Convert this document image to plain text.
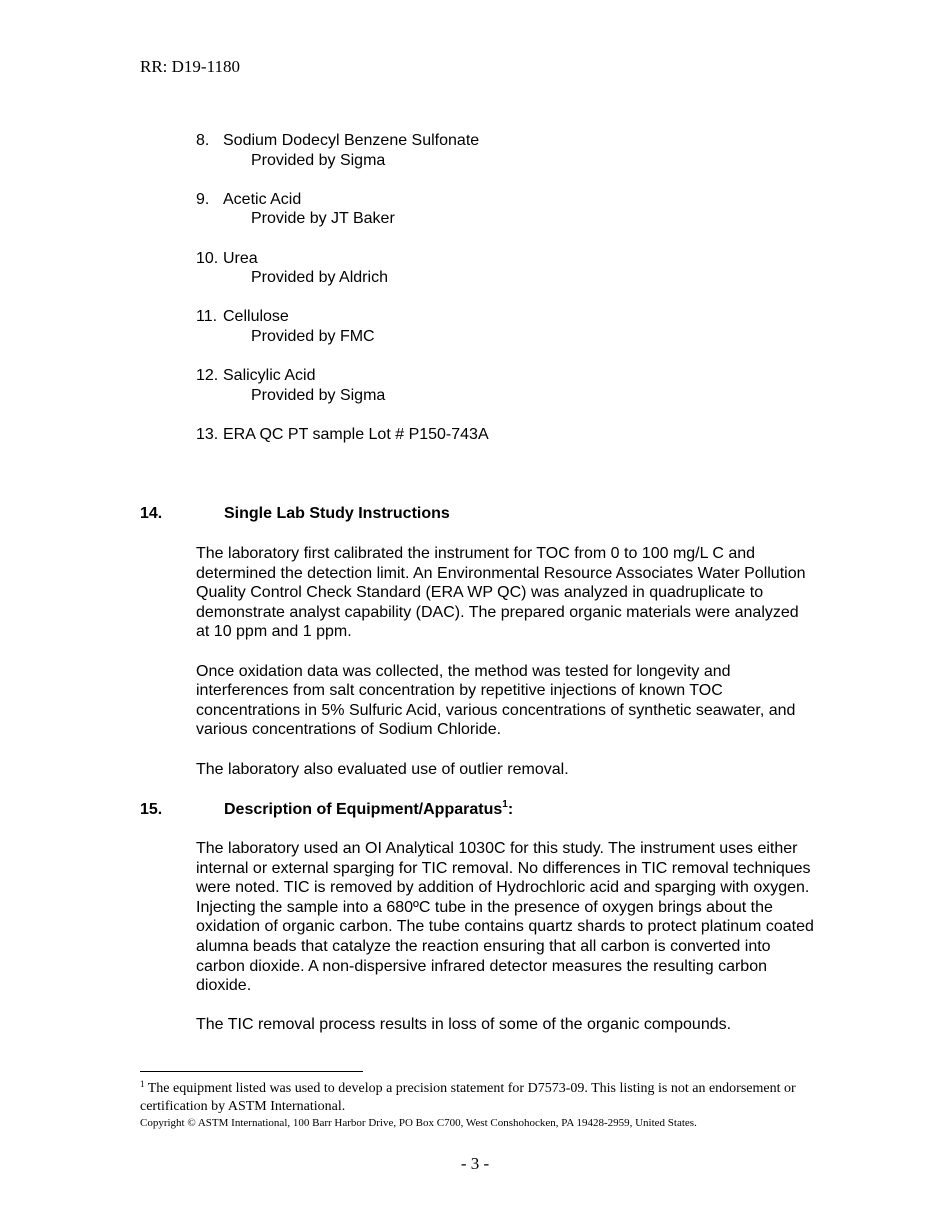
RR: D19-1180
8. Sodium Dodecyl Benzene Sulfonate
Provided by Sigma
9. Acetic Acid
Provide by JT Baker
10. Urea
Provided by Aldrich
11. Cellulose
Provided by FMC
12. Salicylic Acid
Provided by Sigma
13. ERA QC PT sample Lot # P150-743A
14.	Single Lab Study Instructions

The laboratory first calibrated the instrument for TOC from 0 to 100 mg/L C and determined the detection limit. An Environmental Resource Associates Water Pollution Quality Control Check Standard (ERA WP QC) was analyzed in quadruplicate to demonstrate analyst capability (DAC). The prepared organic materials were analyzed at 10 ppm and 1 ppm.

Once oxidation data was collected, the method was tested for longevity and interferences from salt concentration by repetitive injections of known TOC concentrations in 5% Sulfuric Acid, various concentrations of synthetic seawater, and various concentrations of Sodium Chloride.

The laboratory also evaluated use of outlier removal.

15.	Description of Equipment/Apparatus$^1$:

The laboratory used an OI Analytical 1030C for this study. The instrument uses either internal or external sparging for TIC removal. No differences in TIC removal techniques were noted. TIC is removed by addition of Hydrochloric acid and sparging with oxygen. Injecting the sample into a 680ºC tube in the presence of oxygen brings about the oxidation of organic carbon. The tube contains quartz shards to protect platinum coated alumna beads that catalyze the reaction ensuring that all carbon is converted into carbon dioxide. A non-dispersive infrared detector measures the resulting carbon dioxide.

The TIC removal process results in loss of some of the organic compounds.

$^1$ The equipment listed was used to develop a precision statement for D7573-09. This listing is not an endorsement or certification by ASTM International.
Copyright © ASTM International, 100 Barr Harbor Drive, PO Box C700, West Conshohocken, PA 19428-2959, United States.
- 3 -
